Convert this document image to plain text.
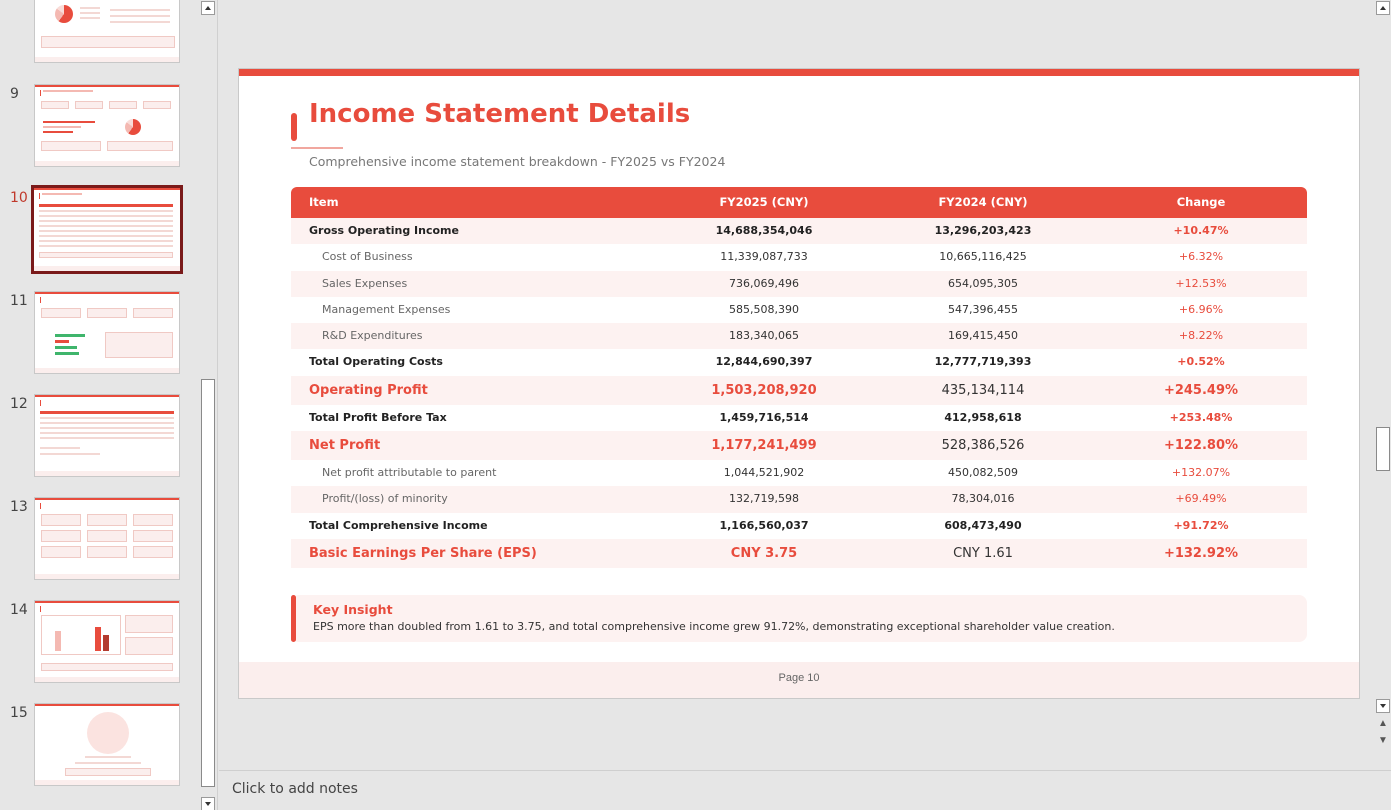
9
10
11
12
13
14
15
▲
▼
Income Statement Details
Comprehensive income statement breakdown - FY2025 vs FY2024
Item	FY2025 (CNY)	FY2024 (CNY)	Change
Gross Operating Income	14,688,354,046	13,296,203,423	+10.47%
Cost of Business	11,339,087,733	10,665,116,425	+6.32%
Sales Expenses	736,069,496	654,095,305	+12.53%
Management Expenses	585,508,390	547,396,455	+6.96%
R&D Expenditures	183,340,065	169,415,450	+8.22%
Total Operating Costs	12,844,690,397	12,777,719,393	+0.52%
Operating Profit	1,503,208,920	435,134,114	+245.49%
Total Profit Before Tax	1,459,716,514	412,958,618	+253.48%
Net Profit	1,177,241,499	528,386,526	+122.80%
Net profit attributable to parent	1,044,521,902	450,082,509	+132.07%
Profit/(loss) of minority	132,719,598	78,304,016	+69.49%
Total Comprehensive Income	1,166,560,037	608,473,490	+91.72%
Basic Earnings Per Share (EPS)	CNY 3.75	CNY 1.61	+132.92%
Key Insight
EPS more than doubled from 1.61 to 3.75, and total comprehensive income grew 91.72%, demonstrating exceptional shareholder value creation.
Page 10
Click to add notes
